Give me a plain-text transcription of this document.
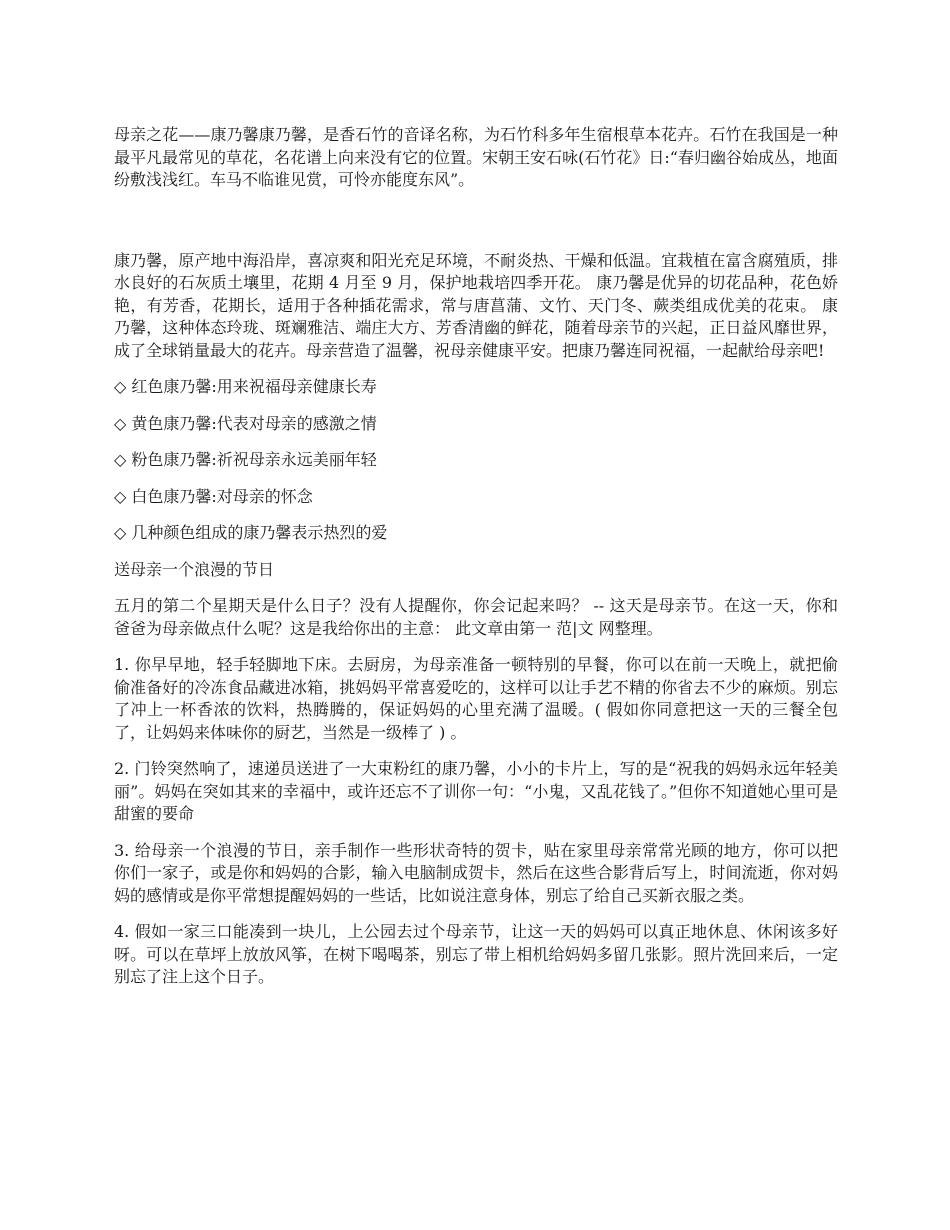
母亲之花——康乃馨康乃馨，是香石竹的音译名称，为石竹科多年生宿根草本花卉。石竹在我国是一种最平凡最常见的草花，名花谱上向来没有它的位置。宋朝王安石咏(石竹花》日:“春归幽谷始成丛，地面纷敷浅浅红。车马不临谁见赏，可怜亦能度东风”。

康乃馨，原产地中海沿岸，喜凉爽和阳光充足环境，不耐炎热、干燥和低温。宜栽植在富含腐殖质，排水良好的石灰质土壤里，花期 4 月至 9 月，保护地栽培四季开花。 康乃馨是优异的切花品种，花色娇艳，有芳香，花期长，适用于各种插花需求，常与唐菖蒲、文竹、天门冬、蕨类组成优美的花束。 康乃馨，这种体态玲珑、斑斓雅洁、端庄大方、芳香清幽的鲜花，随着母亲节的兴起，正日益风靡世界，成了全球销量最大的花卉。母亲营造了温馨，祝母亲健康平安。把康乃馨连同祝福，一起献给母亲吧!

◇ 红色康乃馨:用来祝福母亲健康长寿

◇ 黄色康乃馨:代表对母亲的感激之情

◇ 粉色康乃馨:祈祝母亲永远美丽年轻

◇ 白色康乃馨:对母亲的怀念

◇ 几种颜色组成的康乃馨表示热烈的爱

送母亲一个浪漫的节日

五月的第二个星期天是什么日子？没有人提醒你，你会记起来吗？ -- 这天是母亲节。在这一天，你和爸爸为母亲做点什么呢？这是我给你出的主意： 此文章由第一 范|文 网整理。

1. 你早早地，轻手轻脚地下床。去厨房，为母亲准备一顿特别的早餐，你可以在前一天晚上，就把偷偷准备好的冷冻食品藏进冰箱，挑妈妈平常喜爱吃的，这样可以让手艺不精的你省去不少的麻烦。别忘了冲上一杯香浓的饮料，热腾腾的，保证妈妈的心里充满了温暖。( 假如你同意把这一天的三餐全包了，让妈妈来体味你的厨艺，当然是一级棒了 ) 。

2. 门铃突然响了，速递员送进了一大束粉红的康乃馨，小小的卡片上，写的是“祝我的妈妈永远年轻美丽”。妈妈在突如其来的幸福中，或许还忘不了训你一句：“小鬼，又乱花钱了。”但你不知道她心里可是甜蜜的要命

3. 给母亲一个浪漫的节日，亲手制作一些形状奇特的贺卡，贴在家里母亲常常光顾的地方，你可以把你们一家子，或是你和妈妈的合影，输入电脑制成贺卡，然后在这些合影背后写上，时间流逝，你对妈妈的感情或是你平常想提醒妈妈的一些话，比如说注意身体，别忘了给自己买新衣服之类。

4. 假如一家三口能凑到一块儿，上公园去过个母亲节，让这一天的妈妈可以真正地休息、休闲该多好呀。可以在草坪上放放风筝，在树下喝喝茶，别忘了带上相机给妈妈多留几张影。照片洗回来后，一定别忘了注上这个日子。
